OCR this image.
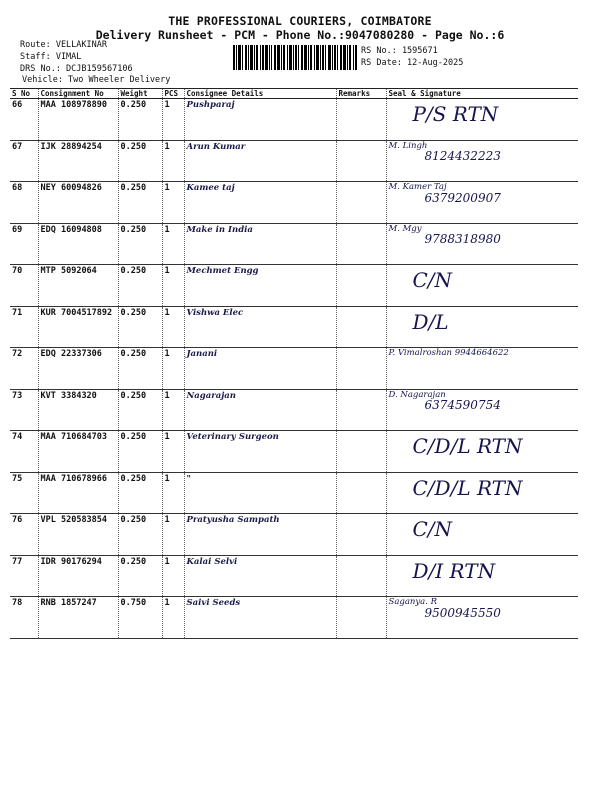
THE PROFESSIONAL COURIERS, COIMBATORE
Delivery Runsheet - PCM - Phone No.:9047080280 - Page No.:6
Route: VELLAKINAR
Staff: VIMAL
DRS No.: DCJB159567106
Vehicle: Two Wheeler Delivery
RS No.: 1595671
RS Date: 12-Aug-2025
S No	Consignment No	Weight	PCS	Consignee Details	Remarks	Seal & Signature
66	MAA 108978890	0.250	1	Pushparaj		P/S RTN

67	IJK 28894254	0.250	1	Arun Kumar		M. Lingh
8124432223

68	NEY 60094826	0.250	1	Kamee taj		M. Kamer Taj
6379200907

69	EDQ 16094808	0.250	1	Make in India		M. Mgy
9788318980

70	MTP 5092064	0.250	1	Mechmet Engg		C/N

71	KUR 7004517892	0.250	1	Vishwa Elec		D/L

72	EDQ 22337306	0.250	1	Janani		P. Vimalroshan 9944664622

73	KVT 3384320	0.250	1	Nagarajan		D. Nagarajan
6374590754

74	MAA 710684703	0.250	1	Veterinary Surgeon		C/D/L RTN

75	MAA 710678966	0.250	1	"		C/D/L RTN

76	VPL 520583854	0.250	1	Pratyusha Sampath		C/N

77	IDR 90176294	0.250	1	Kalai Selvi		D/I RTN

78	RNB 1857247	0.750	1	Saivi Seeds		Saganya. R
9500945550
